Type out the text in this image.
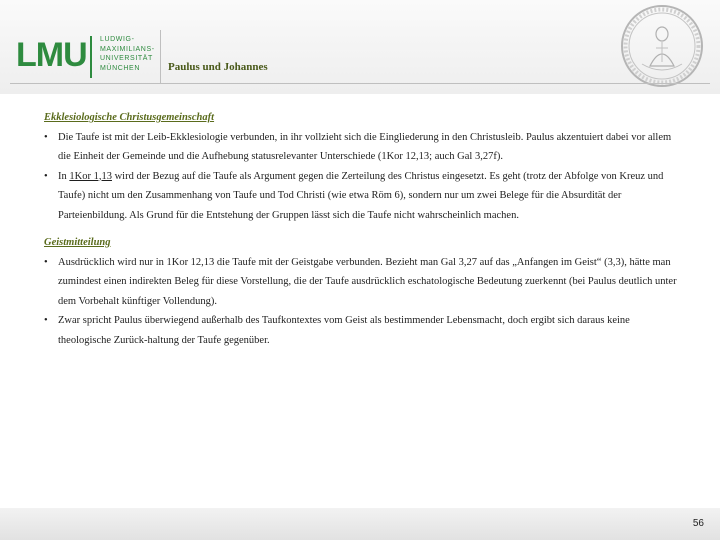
LMU LUDWIG-
MAXIMILIANS-
UNIVERSITÄT
MÜNCHEN	Paulus und Johannes

Ekklesiologische Christusgemeinschaft

• Die Taufe ist mit der Leib-Ekklesiologie verbunden, in ihr vollzieht sich die Eingliederung in den Christusleib. Paulus akzentuiert dabei vor allem die Einheit der Gemeinde und die Aufhebung statusrelevanter Unterschiede (1Kor 12,13; auch Gal 3,27f).

• In 1Kor 1,13 wird der Bezug auf die Taufe als Argument gegen die Zerteilung des Christus eingesetzt. Es geht (trotz der Abfolge von Kreuz und Taufe) nicht um den Zusammenhang von Taufe und Tod Christi (wie etwa Röm 6), sondern nur um zwei Belege für die Absurdität der Parteienbildung. Als Grund für die Entstehung der Gruppen lässt sich die Taufe nicht wahrscheinlich machen.

Geistmitteilung

• Ausdrücklich wird nur in 1Kor 12,13 die Taufe mit der Geistgabe verbunden. Bezieht man Gal 3,27 auf das „Anfangen im Geist“ (3,3), hätte man zumindest einen indirekten Beleg für diese Vorstellung, die der Taufe ausdrücklich eschatologische Bedeutung zuerkennt (bei Paulus deutlich unter dem Vorbehalt künftiger Vollendung).

• Zwar spricht Paulus überwiegend außerhalb des Taufkontextes vom Geist als bestimmender Lebensmacht, doch ergibt sich daraus keine theologische Zurück-haltung der Taufe gegenüber.

56
